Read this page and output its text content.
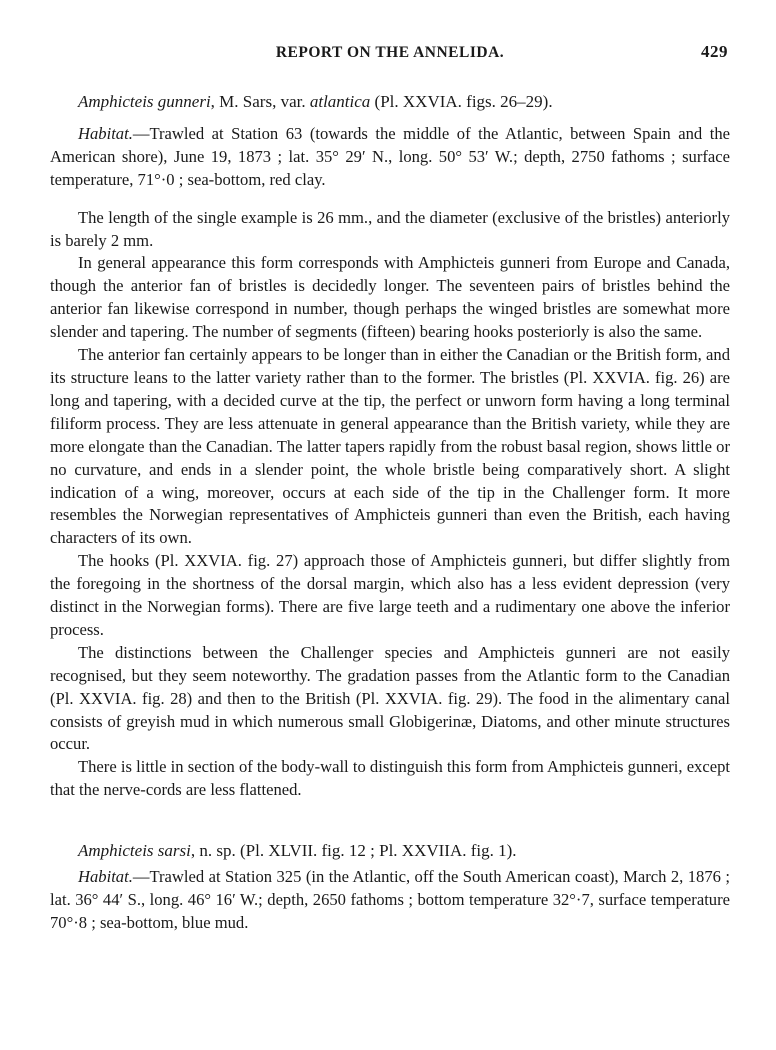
REPORT ON THE ANNELIDA.	429

Amphicteis gunneri, M. Sars, var. atlantica (Pl. XXVIA. figs. 26–29).

Habitat.—Trawled at Station 63 (towards the middle of the Atlantic, between Spain and the American shore), June 19, 1873 ; lat. 35° 29′ N., long. 50° 53′ W.; depth, 2750 fathoms ; surface temperature, 71°·0 ; sea-bottom, red clay.

The length of the single example is 26 mm., and the diameter (exclusive of the bristles) anteriorly is barely 2 mm.

In general appearance this form corresponds with Amphicteis gunneri from Europe and Canada, though the anterior fan of bristles is decidedly longer. The seventeen pairs of bristles behind the anterior fan likewise correspond in number, though perhaps the winged bristles are somewhat more slender and tapering. The number of segments (fifteen) bearing hooks posteriorly is also the same.

The anterior fan certainly appears to be longer than in either the Canadian or the British form, and its structure leans to the latter variety rather than to the former. The bristles (Pl. XXVIA. fig. 26) are long and tapering, with a decided curve at the tip, the perfect or unworn form having a long terminal filiform process. They are less attenuate in general appearance than the British variety, while they are more elongate than the Canadian. The latter tapers rapidly from the robust basal region, shows little or no curvature, and ends in a slender point, the whole bristle being comparatively short. A slight indication of a wing, moreover, occurs at each side of the tip in the Challenger form. It more resembles the Norwegian representatives of Amphicteis gunneri than even the British, each having characters of its own.

The hooks (Pl. XXVIA. fig. 27) approach those of Amphicteis gunneri, but differ slightly from the foregoing in the shortness of the dorsal margin, which also has a less evident depression (very distinct in the Norwegian forms). There are five large teeth and a rudimentary one above the inferior process.

The distinctions between the Challenger species and Amphicteis gunneri are not easily recognised, but they seem noteworthy. The gradation passes from the Atlantic form to the Canadian (Pl. XXVIA. fig. 28) and then to the British (Pl. XXVIA. fig. 29). The food in the alimentary canal consists of greyish mud in which numerous small Globigerinæ, Diatoms, and other minute structures occur.

There is little in section of the body-wall to distinguish this form from Amphicteis gunneri, except that the nerve-cords are less flattened.

Amphicteis sarsi, n. sp. (Pl. XLVII. fig. 12 ; Pl. XXVIIA. fig. 1).

Habitat.—Trawled at Station 325 (in the Atlantic, off the South American coast), March 2, 1876 ; lat. 36° 44′ S., long. 46° 16′ W.; depth, 2650 fathoms ; bottom temperature 32°·7, surface temperature 70°·8 ; sea-bottom, blue mud.
